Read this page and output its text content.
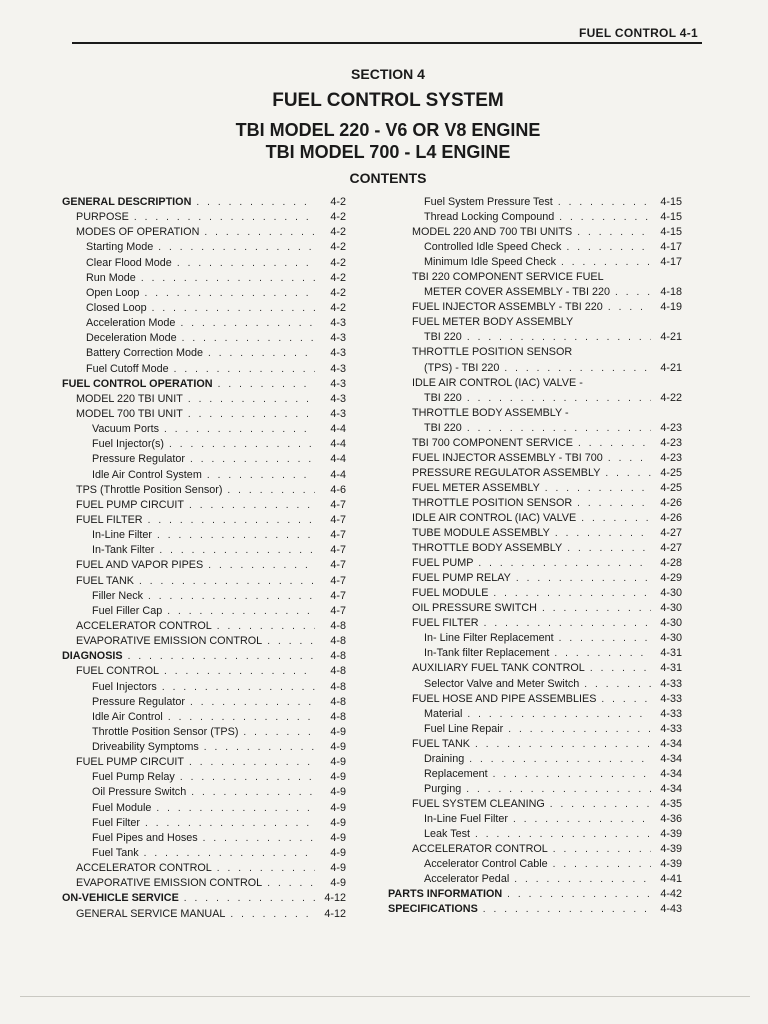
FUEL CONTROL 4-1
SECTION 4
FUEL CONTROL SYSTEM
TBI MODEL 220 - V6 OR V8 ENGINE
TBI MODEL 700 - L4 ENGINE
CONTENTS
GENERAL DESCRIPTION . . .	4-2
PURPOSE . . .	4-2
MODES OF OPERATION . . .	4-2
Starting Mode . . .	4-2
Clear Flood Mode . . .	4-2
Run Mode . . .	4-2
Open Loop . . .	4-2
Closed Loop . . .	4-2
Acceleration Mode . . .	4-3
Deceleration Mode . . .	4-3
Battery Correction Mode . . .	4-3
Fuel Cutoff Mode . . .	4-3
FUEL CONTROL OPERATION . . .	4-3
MODEL 220 TBI UNIT . . .	4-3
MODEL 700 TBI UNIT . . .	4-3
Vacuum Ports . . .	4-4
Fuel Injector(s) . . .	4-4
Pressure Regulator . . .	4-4
Idle Air Control System . . .	4-4
TPS (Throttle Position Sensor) . . .	4-6
FUEL PUMP CIRCUIT . . .	4-7
FUEL FILTER . . .	4-7
In-Line Filter . . .	4-7
In-Tank Filter . . .	4-7
FUEL AND VAPOR PIPES . . .	4-7
FUEL TANK . . .	4-7
Filler Neck . . .	4-7
Fuel Filler Cap . . .	4-7
ACCELERATOR CONTROL . . .	4-8
EVAPORATIVE EMISSION CONTROL . . .	4-8
DIAGNOSIS . . .	4-8
FUEL CONTROL . . .	4-8
Fuel Injectors . . .	4-8
Pressure Regulator . . .	4-8
Idle Air Control . . .	4-8
Throttle Position Sensor (TPS) . . .	4-9
Driveability Symptoms . . .	4-9
FUEL PUMP CIRCUIT . . .	4-9
Fuel Pump Relay . . .	4-9
Oil Pressure Switch . . .	4-9
Fuel Module . . .	4-9
Fuel Filter . . .	4-9
Fuel Pipes and Hoses . . .	4-9
Fuel Tank . . .	4-9
ACCELERATOR CONTROL . . .	4-9
EVAPORATIVE EMISSION CONTROL . . .	4-9
ON-VEHICLE SERVICE . . .	4-12
GENERAL SERVICE MANUAL . . .	4-12
Fuel System Pressure Test . . .	4-15
Thread Locking Compound . . .	4-15
MODEL 220 AND 700 TBI UNITS . . .	4-15
Controlled Idle Speed Check . . .	4-17
Minimum Idle Speed Check . . .	4-17
TBI 220 COMPONENT SERVICE FUEL
METER COVER ASSEMBLY - TBI 220 . . .	4-18
FUEL INJECTOR ASSEMBLY - TBI 220 . . .	4-19
FUEL METER BODY ASSEMBLY
TBI 220 . . .	4-21
THROTTLE POSITION SENSOR
(TPS) - TBI 220 . . .	4-21
IDLE AIR CONTROL (IAC) VALVE -
TBI 220 . . .	4-22
THROTTLE BODY ASSEMBLY -
TBI 220 . . .	4-23
TBI 700 COMPONENT SERVICE . . .	4-23
FUEL INJECTOR ASSEMBLY - TBI 700 . . .	4-23
PRESSURE REGULATOR ASSEMBLY . . .	4-25
FUEL METER ASSEMBLY . . .	4-25
THROTTLE POSITION SENSOR . . .	4-26
IDLE AIR CONTROL (IAC) VALVE . . .	4-26
TUBE MODULE ASSEMBLY . . .	4-27
THROTTLE BODY ASSEMBLY . . .	4-27
FUEL PUMP . . .	4-28
FUEL PUMP RELAY . . .	4-29
FUEL MODULE . . .	4-30
OIL PRESSURE SWITCH . . .	4-30
FUEL FILTER . . .	4-30
In- Line Filter Replacement . . .	4-30
In-Tank filter Replacement . . .	4-31
AUXILIARY FUEL TANK CONTROL . . .	4-31
Selector Valve and Meter Switch . . .	4-33
FUEL HOSE AND PIPE ASSEMBLIES . . .	4-33
Material . . .	4-33
Fuel Line Repair . . .	4-33
FUEL TANK . . .	4-34
Draining . . .	4-34
Replacement . . .	4-34
Purging . . .	4-34
FUEL SYSTEM CLEANING . . .	4-35
In-Line Fuel Filter . . .	4-36
Leak Test . . .	4-39
ACCELERATOR CONTROL . . .	4-39
Accelerator Control Cable . . .	4-39
Accelerator Pedal . . .	4-41
PARTS INFORMATION . . .	4-42
SPECIFICATIONS . . .	4-43
